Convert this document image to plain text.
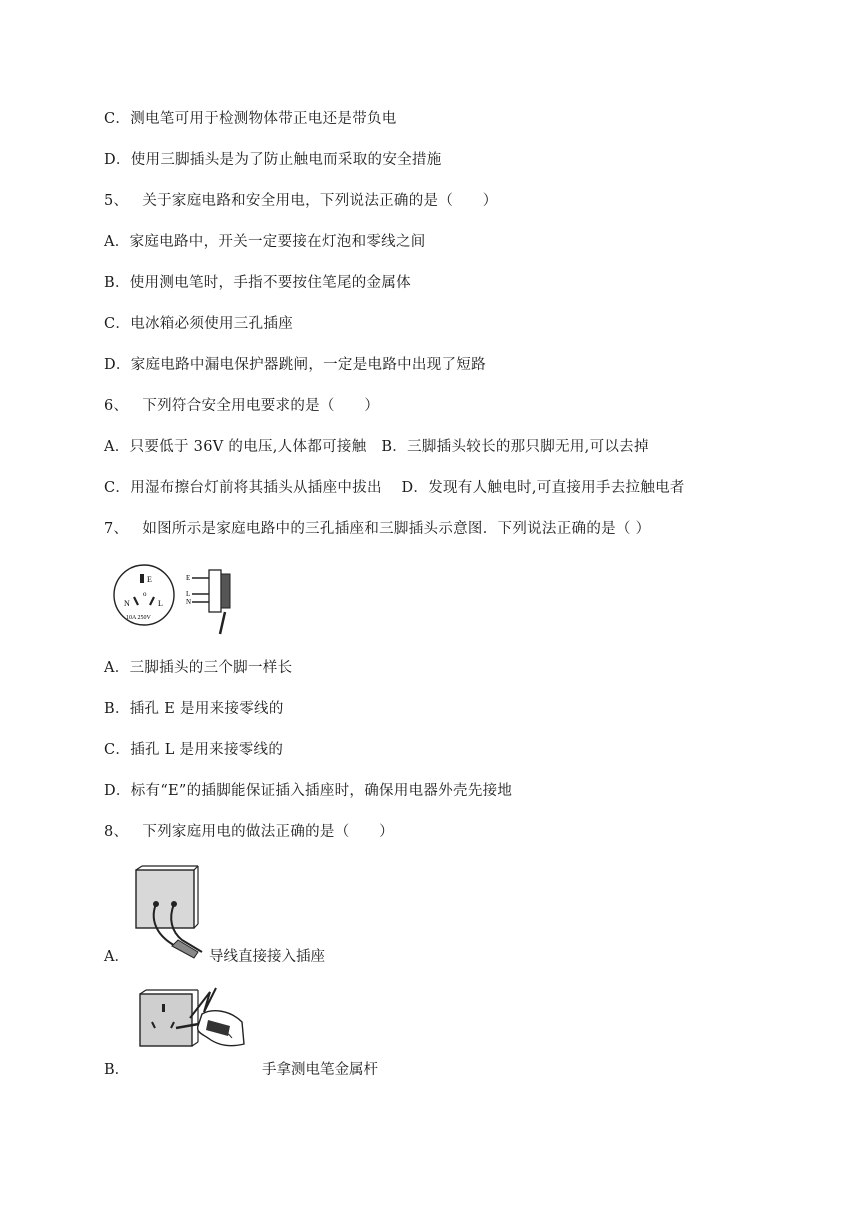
C．测电笔可用于检测物体带正电还是带负电
D．使用三脚插头是为了防止触电而采取的安全措施
5、 关于家庭电路和安全用电，下列说法正确的是（　　）
A．家庭电路中，开关一定要接在灯泡和零线之间
B．使用测电笔时，手指不要按住笔尾的金属体
C．电冰箱必须使用三孔插座
D．家庭电路中漏电保护器跳闸，一定是电路中出现了短路
6、 下列符合安全用电要求的是（　　）
A．只要低于 36V 的电压,人体都可接触　B．三脚插头较长的那只脚无用,可以去掉
C．用湿布擦台灯前将其插头从插座中拔出　 D．发现有人触电时,可直接用手去拉触电者
7、 如图所示是家庭电路中的三孔插座和三脚插头示意图．下列说法正确的是（ ）
E
N	L
o
10A 250V
E
L
N
A．三脚插头的三个脚一样长
B．插孔 E 是用来接零线的
C．插孔 L 是用来接零线的
D．标有“E”的插脚能保证插入插座时，确保用电器外壳先接地
8、 下列家庭用电的做法正确的是（　　）
A．	导线直接接入插座
B．	手拿测电笔金属杆
